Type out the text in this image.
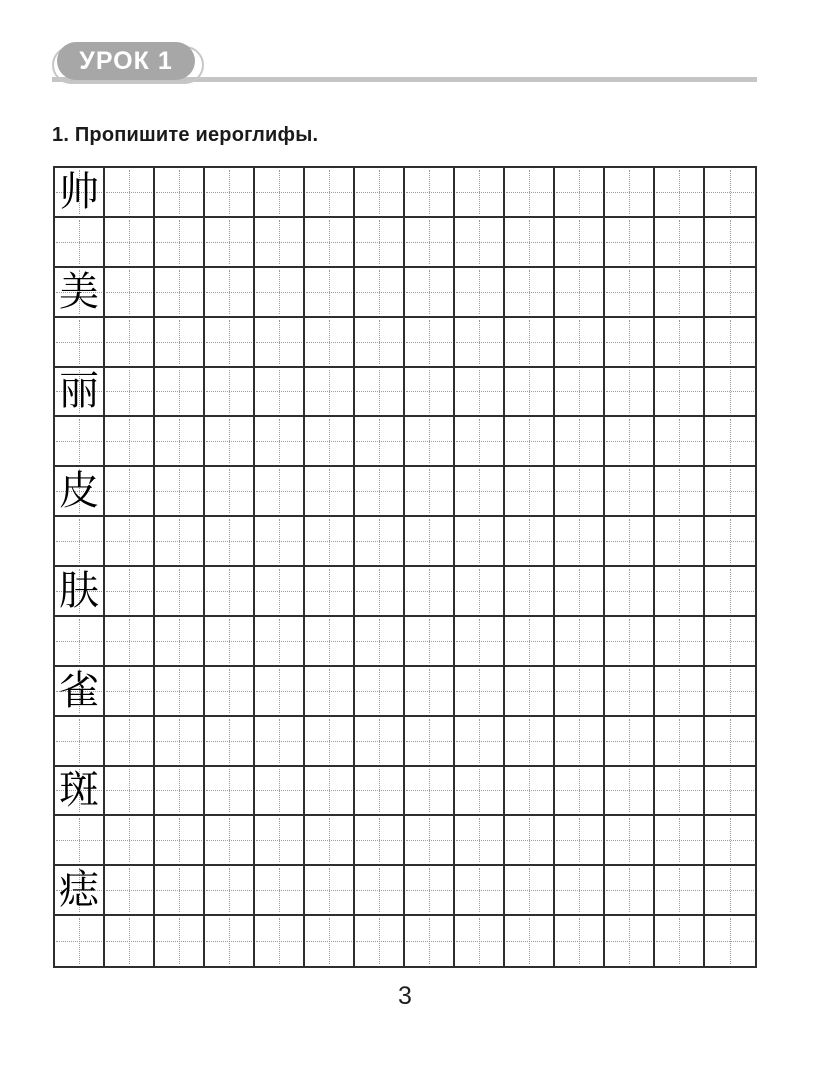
УРОК 1
1. Пропишите иероглифы.
帅
美
丽
皮
肤
雀
斑
痣
3
